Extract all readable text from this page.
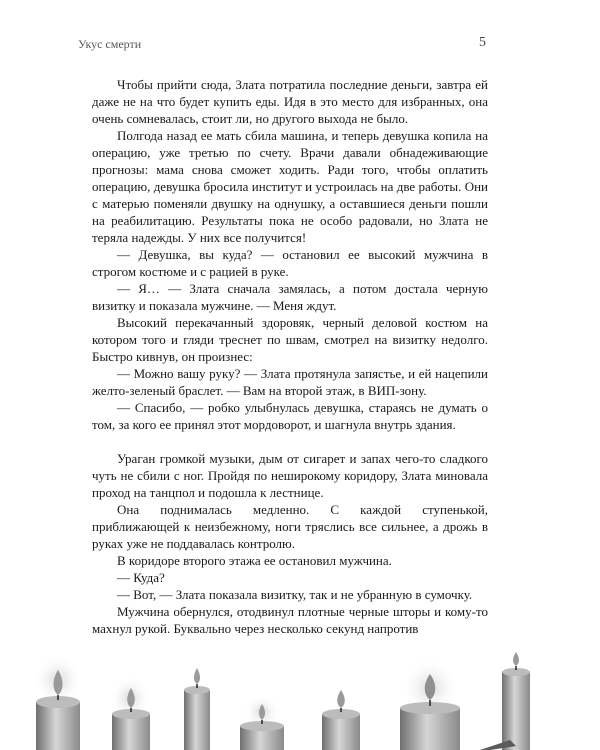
Укус смерти	5

Чтобы прийти сюда, Злата потратила последние деньги, завтра ей даже не на что будет купить еды. Идя в это место для избранных, она очень сомневалась, стоит ли, но другого выхода не было.

Полгода назад ее мать сбила машина, и теперь девушка копила на операцию, уже третью по счету. Врачи давали обнадеживающие прогнозы: мама снова сможет ходить. Ради того, чтобы оплатить операцию, девушка бросила институт и устроилась на две работы. Они с матерью поменяли двушку на однушку, а оставшиеся деньги пошли на реабилитацию. Результаты пока не особо радовали, но Злата не теряла надежды. У них все получится!

— Девушка, вы куда? — остановил ее высокий мужчина в строгом костюме и с рацией в руке.

— Я… — Злата сначала замялась, а потом достала черную визитку и показала мужчине. — Меня ждут.

Высокий перекачанный здоровяк, черный деловой костюм на котором того и гляди треснет по швам, смотрел на визитку недолго. Быстро кивнув, он произнес:

— Можно вашу руку? — Злата протянула запястье, и ей нацепили желто-зеленый браслет. — Вам на второй этаж, в ВИП-зону.

— Спасибо, — робко улыбнулась девушка, стараясь не думать о том, за кого ее принял этот мордоворот, и шагнула внутрь здания.

Ураган громкой музыки, дым от сигарет и запах чего-то сладкого чуть не сбили с ног. Пройдя по неширокому коридору, Злата миновала проход на танцпол и подошла к лестнице.

Она поднималась медленно. С каждой ступенькой, приближающей к неизбежному, ноги тряслись все сильнее, а дрожь в руках уже не поддавалась контролю.

В коридоре второго этажа ее остановил мужчина.

— Куда?

— Вот, — Злата показала визитку, так и не убранную в сумочку.

Мужчина обернулся, отодвинул плотные черные шторы и кому-то махнул рукой. Буквально через несколько секунд напротив
